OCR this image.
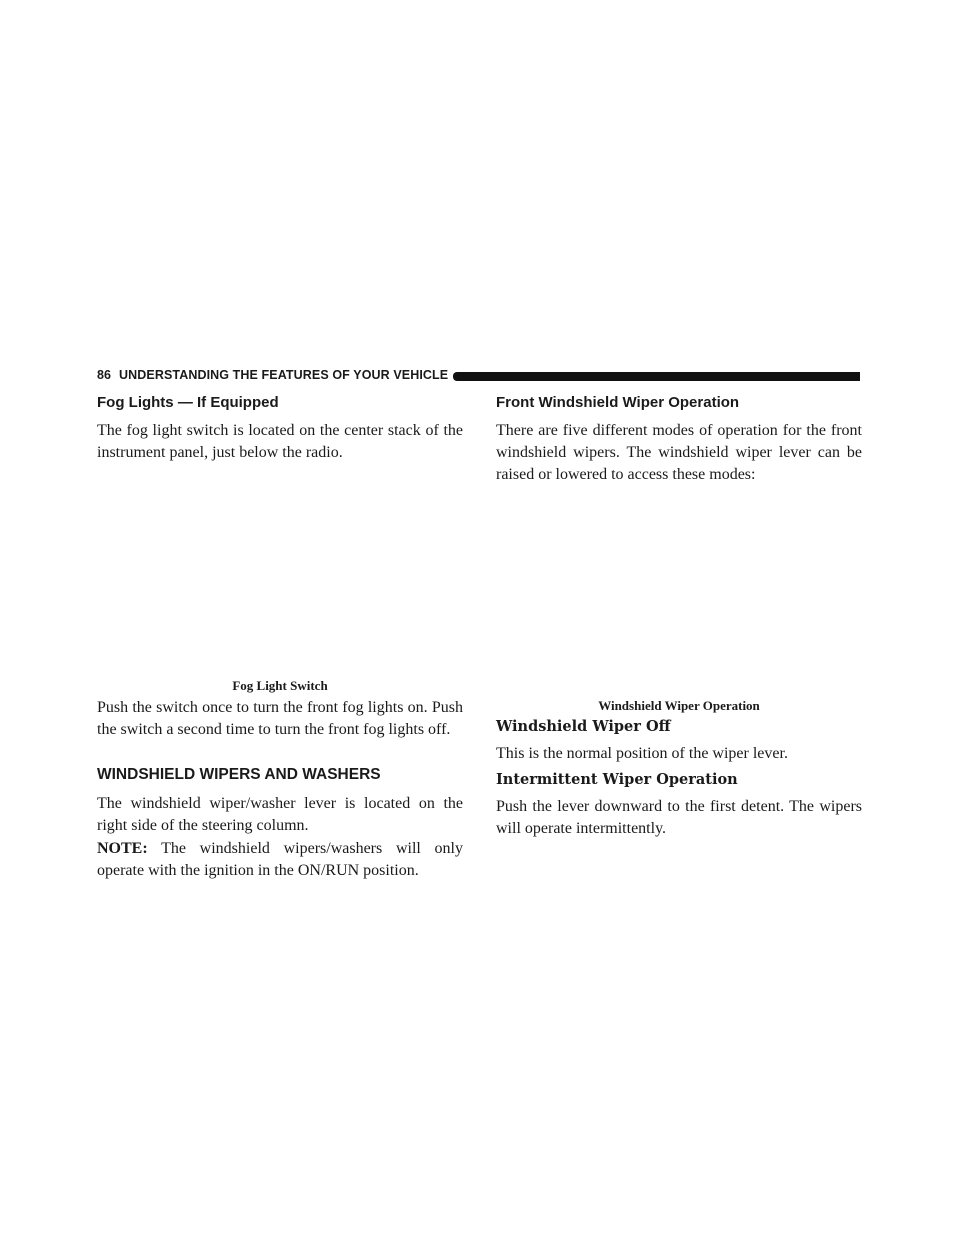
86 UNDERSTANDING THE FEATURES OF YOUR VEHICLE
Fog Lights — If Equipped

The fog light switch is located on the center stack of the instrument panel, just below the radio.

Fog Light Switch

Push the switch once to turn the front fog lights on. Push the switch a second time to turn the front fog lights off.

WINDSHIELD WIPERS AND WASHERS

The windshield wiper/washer lever is located on the right side of the steering column.

NOTE: The windshield wipers/washers will only operate with the ignition in the ON/RUN position.

Front Windshield Wiper Operation

There are five different modes of operation for the front windshield wipers. The windshield wiper lever can be raised or lowered to access these modes:

Windshield Wiper Operation
Windshield Wiper Off

This is the normal position of the wiper lever.

Intermittent Wiper Operation

Push the lever downward to the first detent. The wipers will operate intermittently.
